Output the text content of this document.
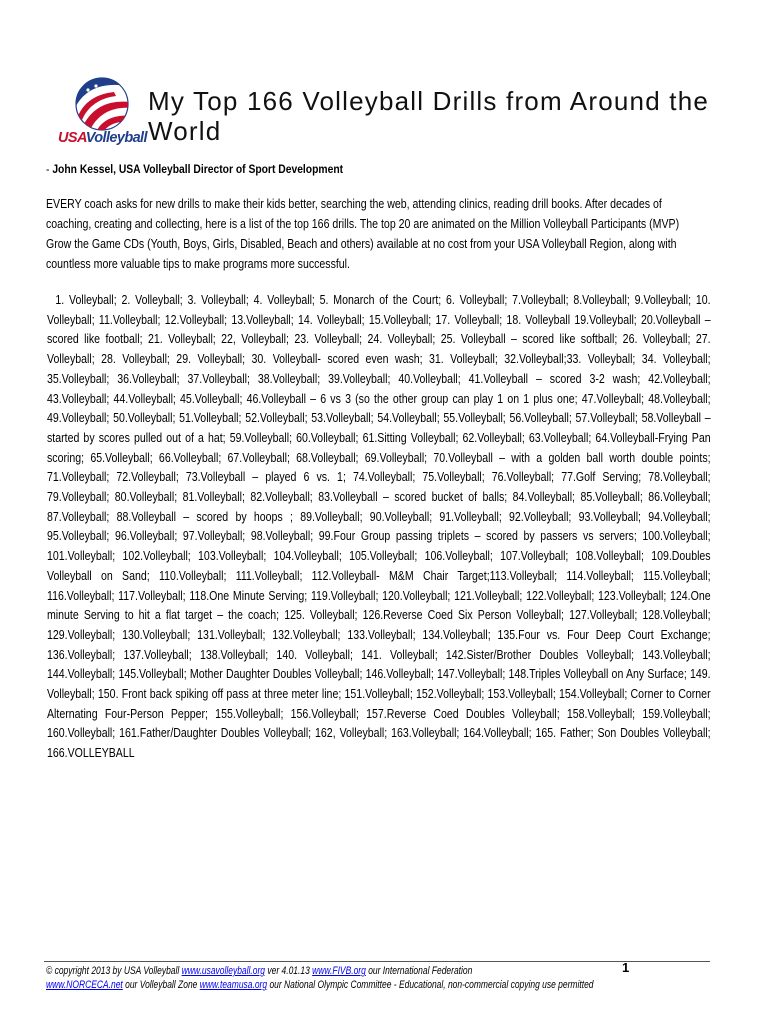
USAVolleyball
My Top 166 Volleyball Drills from Around the World

- John Kessel, USA Volleyball Director of Sport Development

EVERY coach asks for new drills to make their kids better, searching the web, attending clinics, reading drill books. After decades of coaching, creating and collecting, here is a list of the top 166 drills. The top 20 are animated on the Million Volleyball Participants (MVP) Grow the Game CDs (Youth, Boys, Girls, Disabled, Beach and others) available at no cost from your USA Volleyball Region, along with countless more valuable tips to make programs more successful.

1. Volleyball; 2. Volleyball; 3. Volleyball; 4. Volleyball; 5. Monarch of the Court; 6. Volleyball; 7.Volleyball; 8.Volleyball; 9.Volleyball; 10. Volleyball; 11.Volleyball; 12.Volleyball; 13.Volleyball; 14. Volleyball; 15.Volleyball; 17. Volleyball; 18. Volleyball 19.Volleyball; 20.Volleyball – scored like football; 21. Volleyball; 22, Volleyball; 23. Volleyball; 24. Volleyball; 25. Volleyball – scored like softball; 26. Volleyball; 27. Volleyball; 28. Volleyball; 29. Volleyball; 30. Volleyball- scored even wash; 31. Volleyball; 32.Volleyball;33. Volleyball; 34. Volleyball; 35.Volleyball; 36.Volleyball; 37.Volleyball; 38.Volleyball; 39.Volleyball; 40.Volleyball; 41.Volleyball – scored 3-2 wash; 42.Volleyball; 43.Volleyball; 44.Volleyball; 45.Volleyball; 46.Volleyball – 6 vs 3 (so the other group can play 1 on 1 plus one; 47.Volleyball; 48.Volleyball; 49.Volleyball; 50.Volleyball; 51.Volleyball; 52.Volleyball; 53.Volleyball; 54.Volleyball; 55.Volleyball; 56.Volleyball; 57.Volleyball; 58.Volleyball – started by scores pulled out of a hat; 59.Volleyball; 60.Volleyball; 61.Sitting Volleyball; 62.Volleyball; 63.Volleyball; 64.Volleyball-Frying Pan scoring; 65.Volleyball; 66.Volleyball; 67.Volleyball; 68.Volleyball; 69.Volleyball; 70.Volleyball – with a golden ball worth double points; 71.Volleyball; 72.Volleyball; 73.Volleyball – played 6 vs. 1; 74.Volleyball; 75.Volleyball; 76.Volleyball; 77.Golf Serving; 78.Volleyball; 79.Volleyball; 80.Volleyball; 81.Volleyball; 82.Volleyball; 83.Volleyball – scored bucket of balls; 84.Volleyball; 85.Volleyball; 86.Volleyball; 87.Volleyball; 88.Volleyball – scored by hoops ; 89.Volleyball; 90.Volleyball; 91.Volleyball; 92.Volleyball; 93.Volleyball; 94.Volleyball; 95.Volleyball; 96.Volleyball; 97.Volleyball; 98.Volleyball; 99.Four Group passing triplets – scored by passers vs servers; 100.Volleyball; 101.Volleyball; 102.Volleyball; 103.Volleyball; 104.Volleyball; 105.Volleyball; 106.Volleyball; 107.Volleyball; 108.Volleyball; 109.Doubles Volleyball on Sand; 110.Volleyball; 111.Volleyball; 112.Volleyball- M&M Chair Target;113.Volleyball; 114.Volleyball; 115.Volleyball; 116.Volleyball; 117.Volleyball; 118.One Minute Serving; 119.Volleyball; 120.Volleyball; 121.Volleyball; 122.Volleyball; 123.Volleyball; 124.One minute Serving to hit a flat target – the coach; 125. Volleyball; 126.Reverse Coed Six Person Volleyball; 127.Volleyball; 128.Volleyball; 129.Volleyball; 130.Volleyball; 131.Volleyball; 132.Volleyball; 133.Volleyball; 134.Volleyball; 135.Four vs. Four Deep Court Exchange; 136.Volleyball; 137.Volleyball; 138.Volleyball; 140. Volleyball; 141. Volleyball; 142.Sister/Brother Doubles Volleyball; 143.Volleyball; 144.Volleyball; 145.Volleyball; Mother Daughter Doubles Volleyball; 146.Volleyball; 147.Volleyball; 148.Triples Volleyball on Any Surface; 149. Volleyball; 150. Front back spiking off pass at three meter line; 151.Volleyball; 152.Volleyball; 153.Volleyball; 154.Volleyball; Corner to Corner Alternating Four-Person Pepper; 155.Volleyball; 156.Volleyball; 157.Reverse Coed Doubles Volleyball; 158.Volleyball; 159.Volleyball; 160.Volleyball; 161.Father/Daughter Doubles Volleyball; 162, Volleyball; 163.Volleyball; 164.Volleyball; 165. Father; Son Doubles Volleyball; 166.VOLLEYBALL

1
© copyright 2013 by USA Volleyball www.usavolleyball.org ver 4.01.13 www.FIVB.org our International Federation
www.NORCECA.net our Volleyball Zone www.teamusa.org our National Olympic Committee - Educational, non-commercial copying use permitted
